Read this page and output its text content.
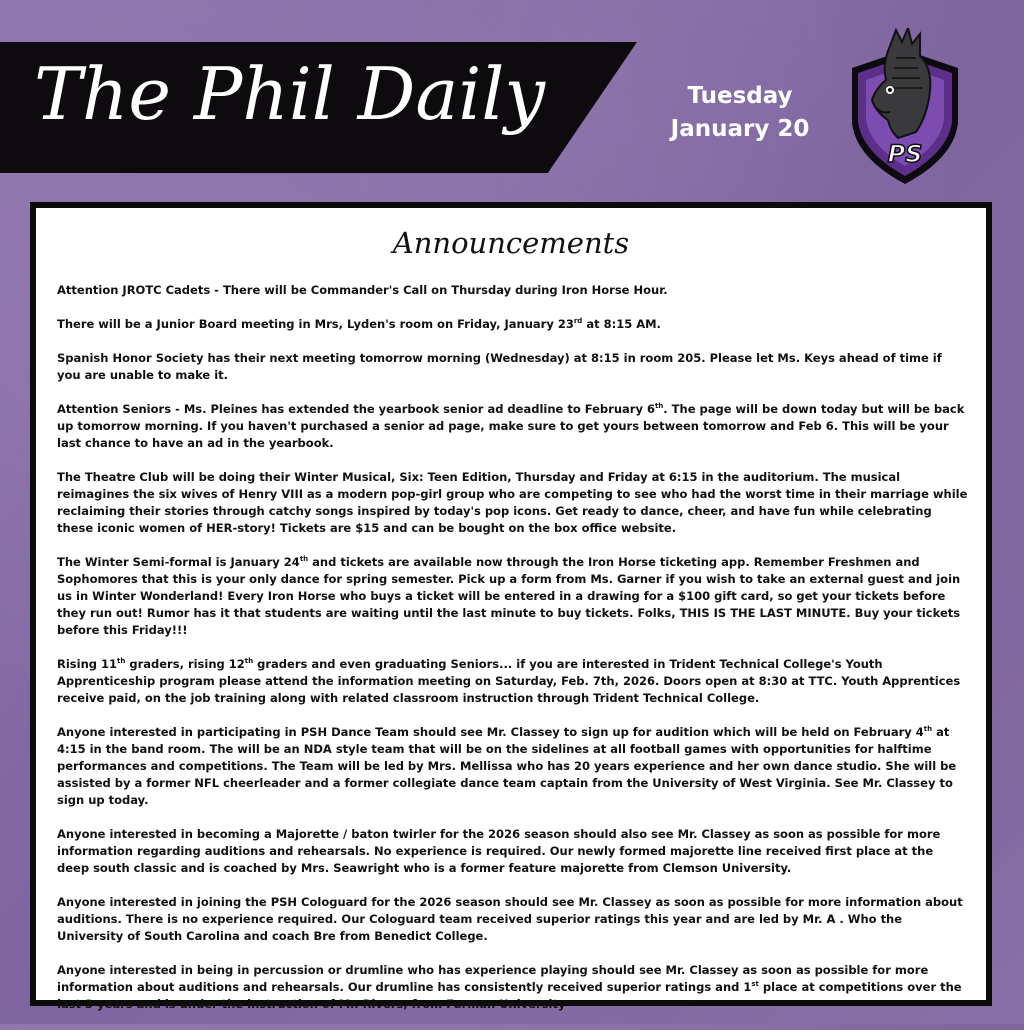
The Phil Daily	Tuesday
January 20
PS
Announcements

Attention JROTC Cadets - There will be Commander's Call on Thursday during Iron Horse Hour.

There will be a Junior Board meeting in Mrs, Lyden's room on Friday, January 23rd at 8:15 AM.

Spanish Honor Society has their next meeting tomorrow morning (Wednesday) at 8:15 in room 205. Please let Ms. Keys ahead of time if you are unable to make it.

Attention Seniors - Ms. Pleines has extended the yearbook senior ad deadline to February 6th. The page will be down today but will be back up tomorrow morning. If you haven't purchased a senior ad page, make sure to get yours between tomorrow and Feb 6. This will be your last chance to have an ad in the yearbook.

The Theatre Club will be doing their Winter Musical, Six: Teen Edition, Thursday and Friday at 6:15 in the auditorium. The musical reimagines the six wives of Henry VIII as a modern pop-girl group who are competing to see who had the worst time in their marriage while reclaiming their stories through catchy songs inspired by today's pop icons. Get ready to dance, cheer, and have fun while celebrating these iconic women of HER-story! Tickets are $15 and can be bought on the box office website.

The Winter Semi-formal is January 24th and tickets are available now through the Iron Horse ticketing app. Remember Freshmen and Sophomores that this is your only dance for spring semester. Pick up a form from Ms. Garner if you wish to take an external guest and join us in Winter Wonderland! Every Iron Horse who buys a ticket will be entered in a drawing for a $100 gift card, so get your tickets before they run out! Rumor has it that students are waiting until the last minute to buy tickets. Folks, THIS IS THE LAST MINUTE. Buy your tickets before this Friday!!!

Rising 11th graders, rising 12th graders and even graduating Seniors... if you are interested in Trident Technical College's Youth Apprenticeship program please attend the information meeting on Saturday, Feb. 7th, 2026. Doors open at 8:30 at TTC. Youth Apprentices receive paid, on the job training along with related classroom instruction through Trident Technical College.

Anyone interested in participating in PSH Dance Team should see Mr. Classey to sign up for audition which will be held on February 4th at 4:15 in the band room. The will be an NDA style team that will be on the sidelines at all football games with opportunities for halftime performances and competitions. The Team will be led by Mrs. Mellissa who has 20 years experience and her own dance studio. She will be assisted by a former NFL cheerleader and a former collegiate dance team captain from the University of West Virginia. See Mr. Classey to sign up today.

Anyone interested in becoming a Majorette / baton twirler for the 2026 season should also see Mr. Classey as soon as possible for more information regarding auditions and rehearsals. No experience is required. Our newly formed majorette line received first place at the deep south classic and is coached by Mrs. Seawright who is a former feature majorette from Clemson University.

Anyone interested in joining the PSH Cologuard for the 2026 season should see Mr. Classey as soon as possible for more information about auditions. There is no experience required. Our Cologuard team received superior ratings this year and are led by Mr. A . Who the University of South Carolina and coach Bre from Benedict College.

Anyone interested in being in percussion or drumline who has experience playing should see Mr. Classey as soon as possible for more information about auditions and rehearsals. Our drumline has consistently received superior ratings and 1st place at competitions over the last 3 years and is under the instruction of Mr. Rivers, from Furman University
